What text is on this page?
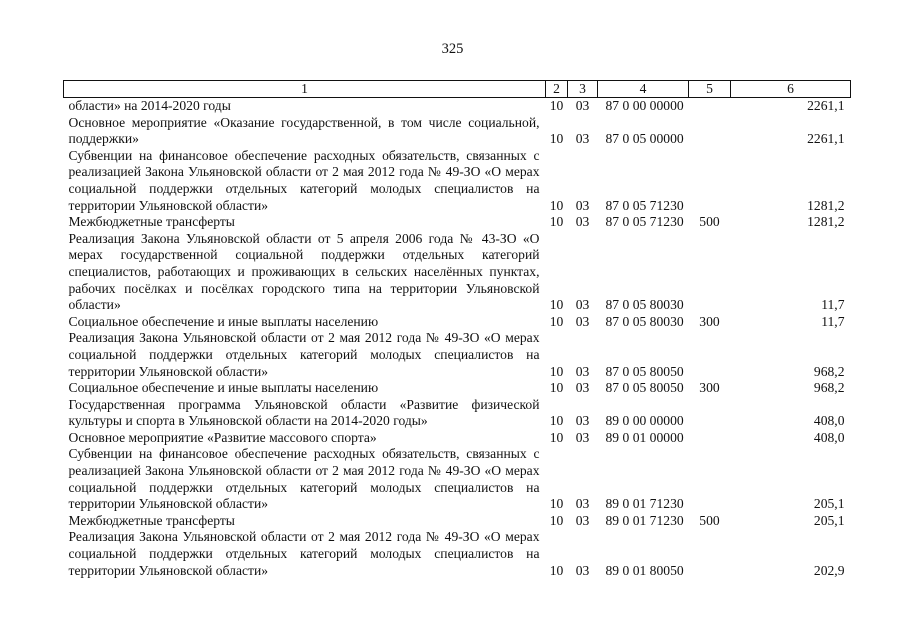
325
1	2	3	4	5	6

области» на 2014-2020 годы	10	03	87 0 00 00000		2261,1

Основное мероприятие «Оказание государственной, в том числе социальной, поддержки»	10	03	87 0 05 00000		2261,1

Субвенции на финансовое обеспечение расходных обязательств, связанных с реализацией Закона Ульяновской области от 2 мая 2012 года № 49-ЗО «О мерах социальной поддержки отдельных категорий молодых специалистов на территории Ульяновской области»	10	03	87 0 05 71230		1281,2

Межбюджетные трансферты	10	03	87 0 05 71230	500	1281,2

Реализация Закона Ульяновской области от 5 апреля 2006 года № 43-ЗО «О мерах государственной социальной поддержки отдельных категорий специалистов, работающих и проживающих в сельских населённых пунктах, рабочих посёлках и посёлках городского типа на территории Ульяновской области»	10	03	87 0 05 80030		11,7

Социальное обеспечение и иные выплаты населению	10	03	87 0 05 80030	300	11,7

Реализация Закона Ульяновской области от 2 мая 2012 года № 49-ЗО «О мерах социальной поддержки отдельных категорий молодых специалистов на территории Ульяновской области»	10	03	87 0 05 80050		968,2

Социальное обеспечение и иные выплаты населению	10	03	87 0 05 80050	300	968,2

Государственная программа Ульяновской области «Развитие физической культуры и спорта в Ульяновской области на 2014-2020 годы»	10	03	89 0 00 00000		408,0

Основное мероприятие «Развитие массового спорта»	10	03	89 0 01 00000		408,0

Субвенции на финансовое обеспечение расходных обязательств, связанных с реализацией Закона Ульяновской области от 2 мая 2012 года № 49-ЗО «О мерах социальной поддержки отдельных категорий молодых специалистов на территории Ульяновской области»	10	03	89 0 01 71230		205,1

Межбюджетные трансферты	10	03	89 0 01 71230	500	205,1

Реализация Закона Ульяновской области от 2 мая 2012 года № 49-ЗО «О мерах социальной поддержки отдельных категорий молодых специалистов на территории Ульяновской области»	10	03	89 0 01 80050		202,9
